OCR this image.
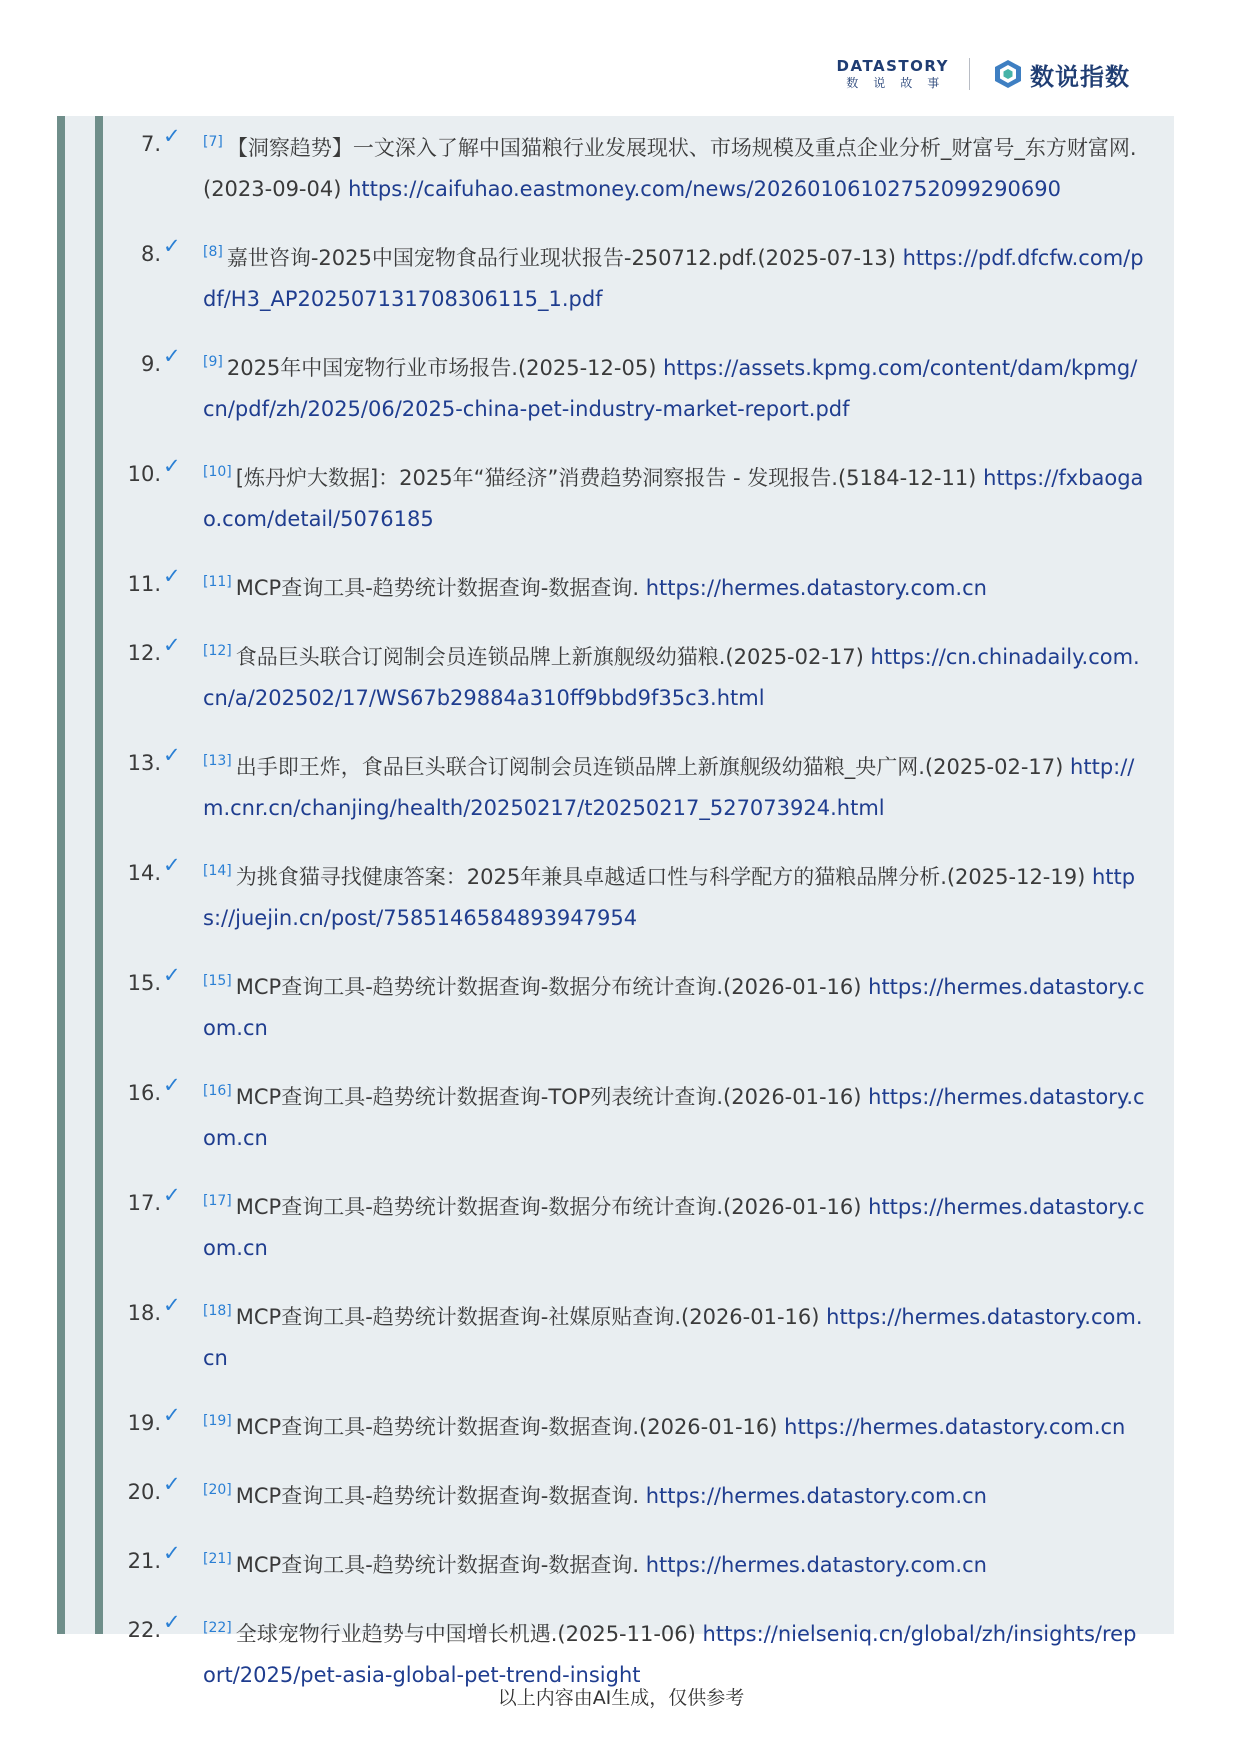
DATASTORY
数说故事	数说指数
7. ✓ [7] 【洞察趋势】一文深入了解中国猫粮行业发展现状、市场规模及重点企业分析_财富号_东方财富网.(2023-09-04) https://caifuhao.eastmoney.com/news/20260106102752099290690
8. ✓ [8] 嘉世咨询-2025中国宠物食品行业现状报告-250712.pdf.(2025-07-13) https://pdf.dfcfw.com/pdf/H3_AP202507131708306115_1.pdf
9. ✓ [9] 2025年中国宠物行业市场报告.(2025-12-05) https://assets.kpmg.com/content/dam/kpmg/cn/pdf/zh/2025/06/2025-china-pet-industry-market-report.pdf
10. ✓ [10] [炼丹炉大数据]：2025年“猫经济”消费趋势洞察报告 - 发现报告.(5184-12-11) https://fxbaogao.com/detail/5076185
11. ✓ [11] MCP查询工具-趋势统计数据查询-数据查询. https://hermes.datastory.com.cn
12. ✓ [12] 食品巨头联合订阅制会员连锁品牌上新旗舰级幼猫粮.(2025-02-17) https://cn.chinadaily.com.cn/a/202502/17/WS67b29884a310ff9bbd9f35c3.html
13. ✓ [13] 出手即王炸，食品巨头联合订阅制会员连锁品牌上新旗舰级幼猫粮_央广网.(2025-02-17) http://m.cnr.cn/chanjing/health/20250217/t20250217_527073924.html
14. ✓ [14] 为挑食猫寻找健康答案：2025年兼具卓越适口性与科学配方的猫粮品牌分析.(2025-12-19) https://juejin.cn/post/7585146584893947954
15. ✓ [15] MCP查询工具-趋势统计数据查询-数据分布统计查询.(2026-01-16) https://hermes.datastory.com.cn
16. ✓ [16] MCP查询工具-趋势统计数据查询-TOP列表统计查询.(2026-01-16) https://hermes.datastory.com.cn
17. ✓ [17] MCP查询工具-趋势统计数据查询-数据分布统计查询.(2026-01-16) https://hermes.datastory.com.cn
18. ✓ [18] MCP查询工具-趋势统计数据查询-社媒原贴查询.(2026-01-16) https://hermes.datastory.com.cn
19. ✓ [19] MCP查询工具-趋势统计数据查询-数据查询.(2026-01-16) https://hermes.datastory.com.cn
20. ✓ [20] MCP查询工具-趋势统计数据查询-数据查询. https://hermes.datastory.com.cn
21. ✓ [21] MCP查询工具-趋势统计数据查询-数据查询. https://hermes.datastory.com.cn
22. ✓ [22] 全球宠物行业趋势与中国增长机遇.(2025-11-06) https://nielseniq.cn/global/zh/insights/report/2025/pet-asia-global-pet-trend-insight
以上内容由AI生成，仅供参考
